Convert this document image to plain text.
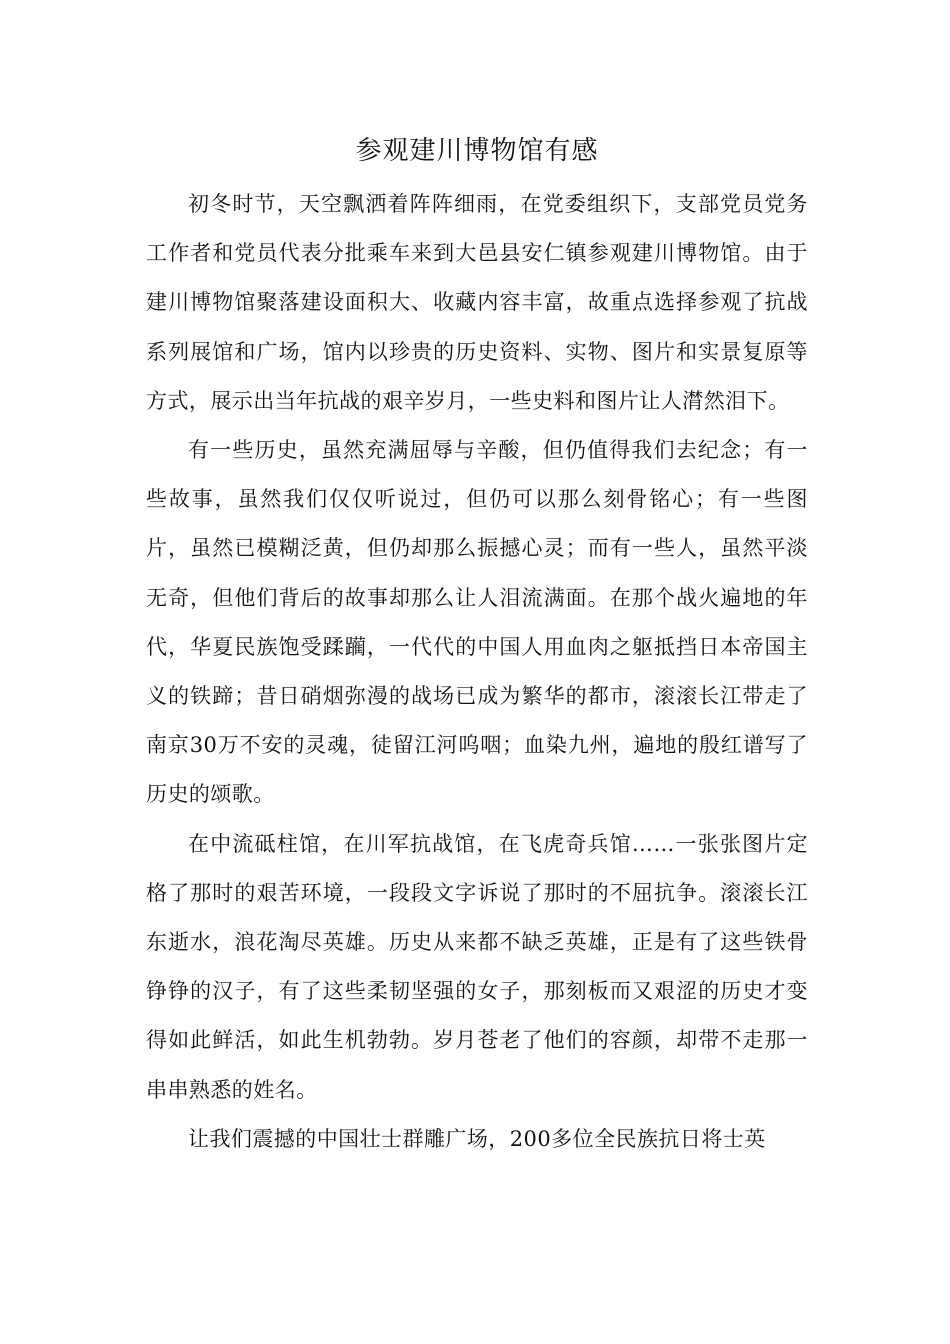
参观建川博物馆有感

初冬时节，天空飘洒着阵阵细雨，在党委组织下，支部党员党务工作者和党员代表分批乘车来到大邑县安仁镇参观建川博物馆。由于建川博物馆聚落建设面积大、收藏内容丰富，故重点选择参观了抗战系列展馆和广场，馆内以珍贵的历史资料、实物、图片和实景复原等方式，展示出当年抗战的艰辛岁月，一些史料和图片让人潸然泪下。

有一些历史，虽然充满屈辱与辛酸，但仍值得我们去纪念；有一些故事，虽然我们仅仅听说过，但仍可以那么刻骨铭心；有一些图片，虽然已模糊泛黄，但仍却那么振撼心灵；而有一些人，虽然平淡无奇，但他们背后的故事却那么让人泪流满面。在那个战火遍地的年代，华夏民族饱受蹂躏，一代代的中国人用血肉之躯抵挡日本帝国主义的铁蹄；昔日硝烟弥漫的战场已成为繁华的都市，滚滚长江带走了南京30万不安的灵魂，徒留江河呜咽；血染九州，遍地的殷红谱写了历史的颂歌。

在中流砥柱馆，在川军抗战馆，在飞虎奇兵馆……一张张图片定格了那时的艰苦环境，一段段文字诉说了那时的不屈抗争。滚滚长江东逝水，浪花淘尽英雄。历史从来都不缺乏英雄，正是有了这些铁骨铮铮的汉子，有了这些柔韧坚强的女子，那刻板而又艰涩的历史才变得如此鲜活，如此生机勃勃。岁月苍老了他们的容颜，却带不走那一串串熟悉的姓名。

让我们震撼的中国壮士群雕广场，200多位全民族抗日将士英
